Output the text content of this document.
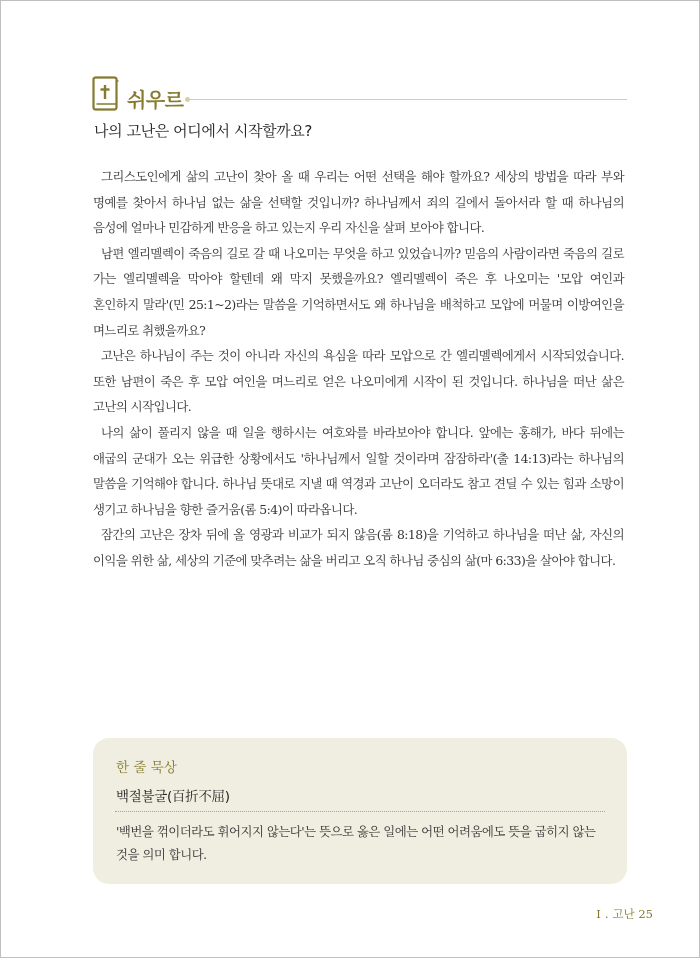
쉬우르
나의 고난은 어디에서 시작할까요?

그리스도인에게 삶의 고난이 찾아 올 때 우리는 어떤 선택을 해야 할까요? 세상의 방법을 따라 부와 명예를 찾아서 하나님 없는 삶을 선택할 것입니까? 하나님께서 죄의 길에서 돌아서라 할 때 하나님의 음성에 얼마나 민감하게 반응을 하고 있는지 우리 자신을 살펴 보아야 합니다.

남편 엘리멜렉이 죽음의 길로 갈 때 나오미는 무엇을 하고 있었습니까? 믿음의 사람이라면 죽음의 길로 가는 엘리멜렉을 막아야 할텐데 왜 막지 못했을까요? 엘리멜렉이 죽은 후 나오미는 '모압 여인과 혼인하지 말라'(민 25:1~2)라는 말씀을 기억하면서도 왜 하나님을 배척하고 모압에 머물며 이방여인을 며느리로 취했을까요?

고난은 하나님이 주는 것이 아니라 자신의 욕심을 따라 모압으로 간 엘리멜렉에게서 시작되었습니다. 또한 남편이 죽은 후 모압 여인을 며느리로 얻은 나오미에게 시작이 된 것입니다. 하나님을 떠난 삶은 고난의 시작입니다.

나의 삶이 풀리지 않을 때 일을 행하시는 여호와를 바라보아야 합니다. 앞에는 홍해가, 바다 뒤에는 애굽의 군대가 오는 위급한 상황에서도 '하나님께서 일할 것이라며 잠잠하라'(출 14:13)라는 하나님의 말씀을 기억해야 합니다. 하나님 뜻대로 지낼 때 역경과 고난이 오더라도 참고 견딜 수 있는 힘과 소망이 생기고 하나님을 향한 즐거움(롬 5:4)이 따라옵니다.

잠간의 고난은 장차 뒤에 올 영광과 비교가 되지 않음(롬 8:18)을 기억하고 하나님을 떠난 삶, 자신의 이익을 위한 삶, 세상의 기준에 맞추려는 삶을 버리고 오직 하나님 중심의 삶(마 6:33)을 살아야 합니다.

한 줄 묵상
백절불굴(百折不屈)
'백번을 꺾이더라도 휘어지지 않는다'는 뜻으로 옳은 일에는 어떤 어려움에도 뜻을 굽히지 않는 것을 의미 합니다.
Ⅰ . 고난 25
